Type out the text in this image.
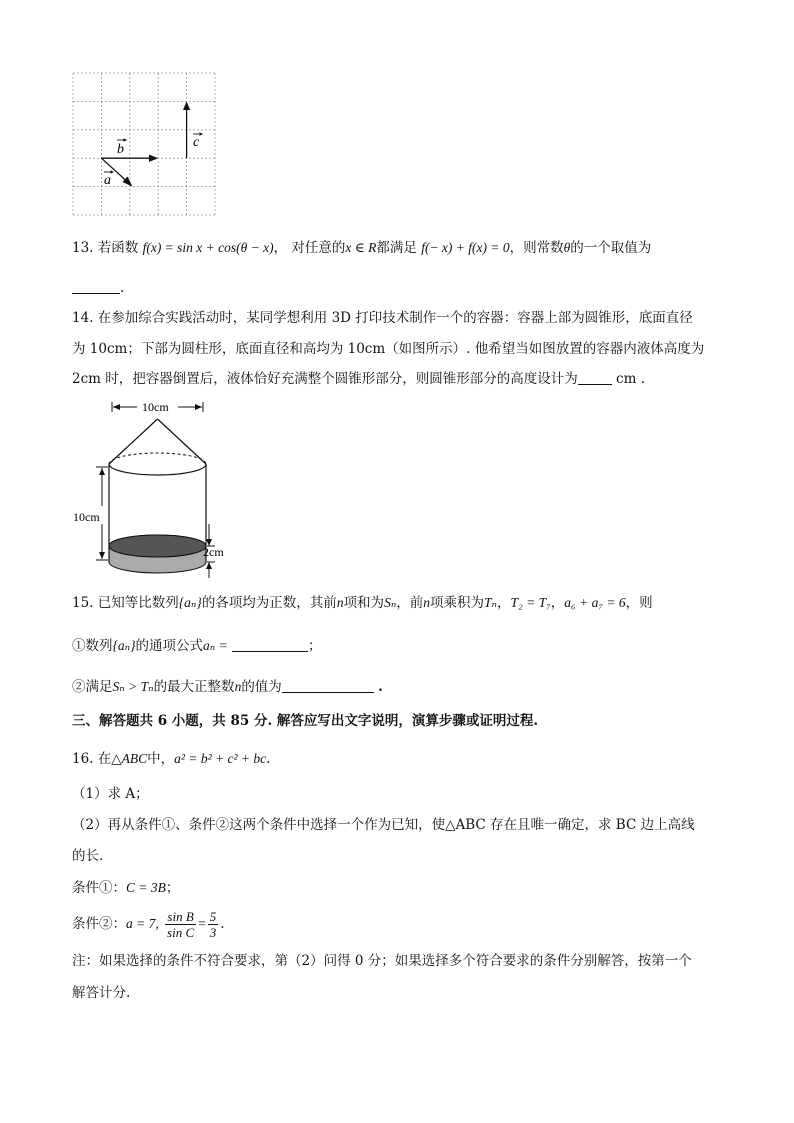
b
a
c
13. 若函数 f(x) = sin x + cos(θ − x)， 对任意的x ∈ R都满足 f(− x) + f(x) = 0，则常数θ的一个取值为
.
14. 在参加综合实践活动时，某同学想利用 3D 打印技术制作一个的容器：容器上部为圆锥形，底面直径
为 10cm；下部为圆柱形，底面直径和高均为 10cm（如图所示）. 他希望当如图放置的容器内液体高度为
2cm 时，把容器倒置后，液体恰好充满整个圆锥形部分，则圆锥形部分的高度设计为	cm .
10cm
10cm
2cm
15. 已知等比数列{aₙ}的各项均为正数，其前n项和为Sₙ，前n项乘积为Tₙ，T₂ = T₇，a₆ + a₇ = 6，则
①数列{aₙ}的通项公式aₙ =	；
②满足Sₙ > Tₙ的最大正整数n的值为	.
三、解答题共 6 小题，共 85 分. 解答应写出文字说明，演算步骤或证明过程.
16. 在△ABC中，a² = b² + c² + bc.
（1）求 A；
（2）再从条件①、条件②这两个条件中选择一个作为已知，使△ABC 存在且唯一确定，求 BC 边上高线
的长.
条件①：C = 3B；
条件②：a = 7, $\frac{\text{sin B}}{\text{sin C}} = \frac{5}{3}$ .
注：如果选择的条件不符合要求，第（2）问得 0 分；如果选择多个符合要求的条件分别解答，按第一个
解答计分.
